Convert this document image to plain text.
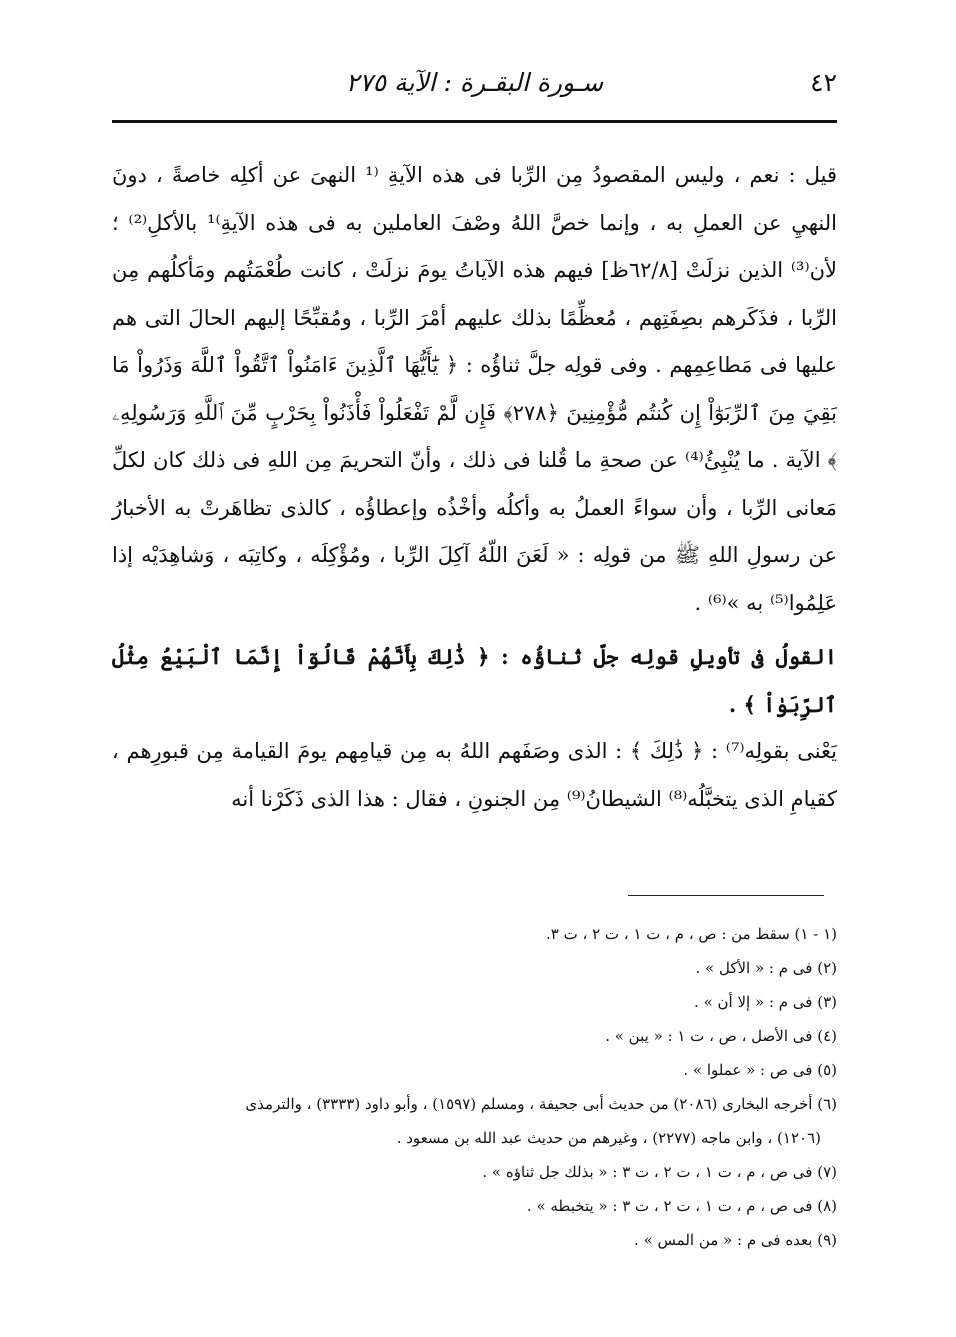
٤٢
سـورة البقـرة : الآية ٢٧٥

قيل : نعم ، وليس المقصودُ مِن الرِّبا فى هذه الآيةِ ⁽¹ النهىَ عن أكلِه خاصةً ، دونَ النهيِ عن العملِ به ، وإنما خصَّ اللهُ وصْفَ العاملين به فى هذه الآيةِ⁾¹ بالأكلِ⁽²⁾ ؛ لأن⁽³⁾ الذين نزلَتْ [٦٢/٨ظ] فيهم هذه الآياتُ يومَ نزلَتْ ، كانت طُعْمَتُهم ومَأكلُهم مِن الرِّبا ، فذَكَرهم بصِفَتِهم ، مُعظِّمًا بذلك عليهم أمْرَ الرِّبا ، ومُقبِّحًا إليهم الحالَ التى هم عليها فى مَطاعِمِهم . وفى قولِه جلَّ ثناؤُه : ﴿ يَٰٓأَيُّهَا ٱلَّذِينَ ءَامَنُواْ ٱتَّقُواْ ٱللَّهَ وَذَرُواْ مَا بَقِيَ مِنَ ٱلرِّبَوٰٓاْ إِن كُنتُم مُّؤْمِنِينَ ﴿٢٧٨﴾ فَإِن لَّمْ تَفْعَلُواْ فَأْذَنُواْ بِحَرْبٍ مِّنَ ٱللَّهِ وَرَسُولِهِۦ ﴾ الآية . ما يُنْبِئُ⁽⁴⁾ عن صحةِ ما قُلنا فى ذلك ، وأنّ التحريمَ مِن اللهِ فى ذلك كان لكلِّ مَعانى الرِّبا ، وأن سواءً العملُ به وأكلُه وأخْذُه وإعطاؤُه ، كالذى تظاهَرتْ به الأخبارُ عن رسولِ اللهِ ﷺ من قولِه : « لَعَنَ اللّهُ آكِلَ الرِّبا ، ومُؤْكِلَه ، وكاتِبَه ، وَشاهِدَيْه إذا عَلِمُوا⁽⁵⁾ به »⁽⁶⁾ .

القولُ فى تأويلِ قولِه جلّ ثناؤُه : ﴿ ذَٰلِكَ بِأَنَّهُمْ قَالُوٓاْ إِنَّمَا ٱلْبَيْعُ مِثْلُ ٱلرِّبَوٰاْ ﴾ .

يَعْنى بقولِه⁽⁷⁾ : ﴿ ذَٰلِكَ ﴾ : الذى وصَفَهم اللهُ به مِن قيامِهم يومَ القيامة مِن قبورِهم ، كقيامِ الذى يتخبَّلُه⁽⁸⁾ الشيطانُ⁽⁹⁾ مِن الجنونِ ، فقال : هذا الذى ذَكَرْنا أنه

(١ - ١) سقط من : ص ، م ، ت ١ ، ت ٢ ، ت ٣.

(٢) فى م : « الأكل » .

(٣) فى م : « إلا أن » .

(٤) فى الأصل ، ص ، ت ١ : « يبن » .

(٥) فى ص : « عملوا » .

(٦) أخرجه البخارى (٢٠٨٦) من حديث أبى جحيفة ، ومسلم (١٥٩٧) ، وأبو داود (٣٣٣٣) ، والترمذى

(١٢٠٦) ، وابن ماجه (٢٢٧٧) ، وغيرهم من حديث عبد الله بن مسعود .

(٧) فى ص ، م ، ت ١ ، ت ٢ ، ت ٣ : « بذلك جل ثناؤه » .

(٨) فى ص ، م ، ت ١ ، ت ٢ ، ت ٣ : « يتخبطه » .

(٩) بعده فى م : « من المس » .
